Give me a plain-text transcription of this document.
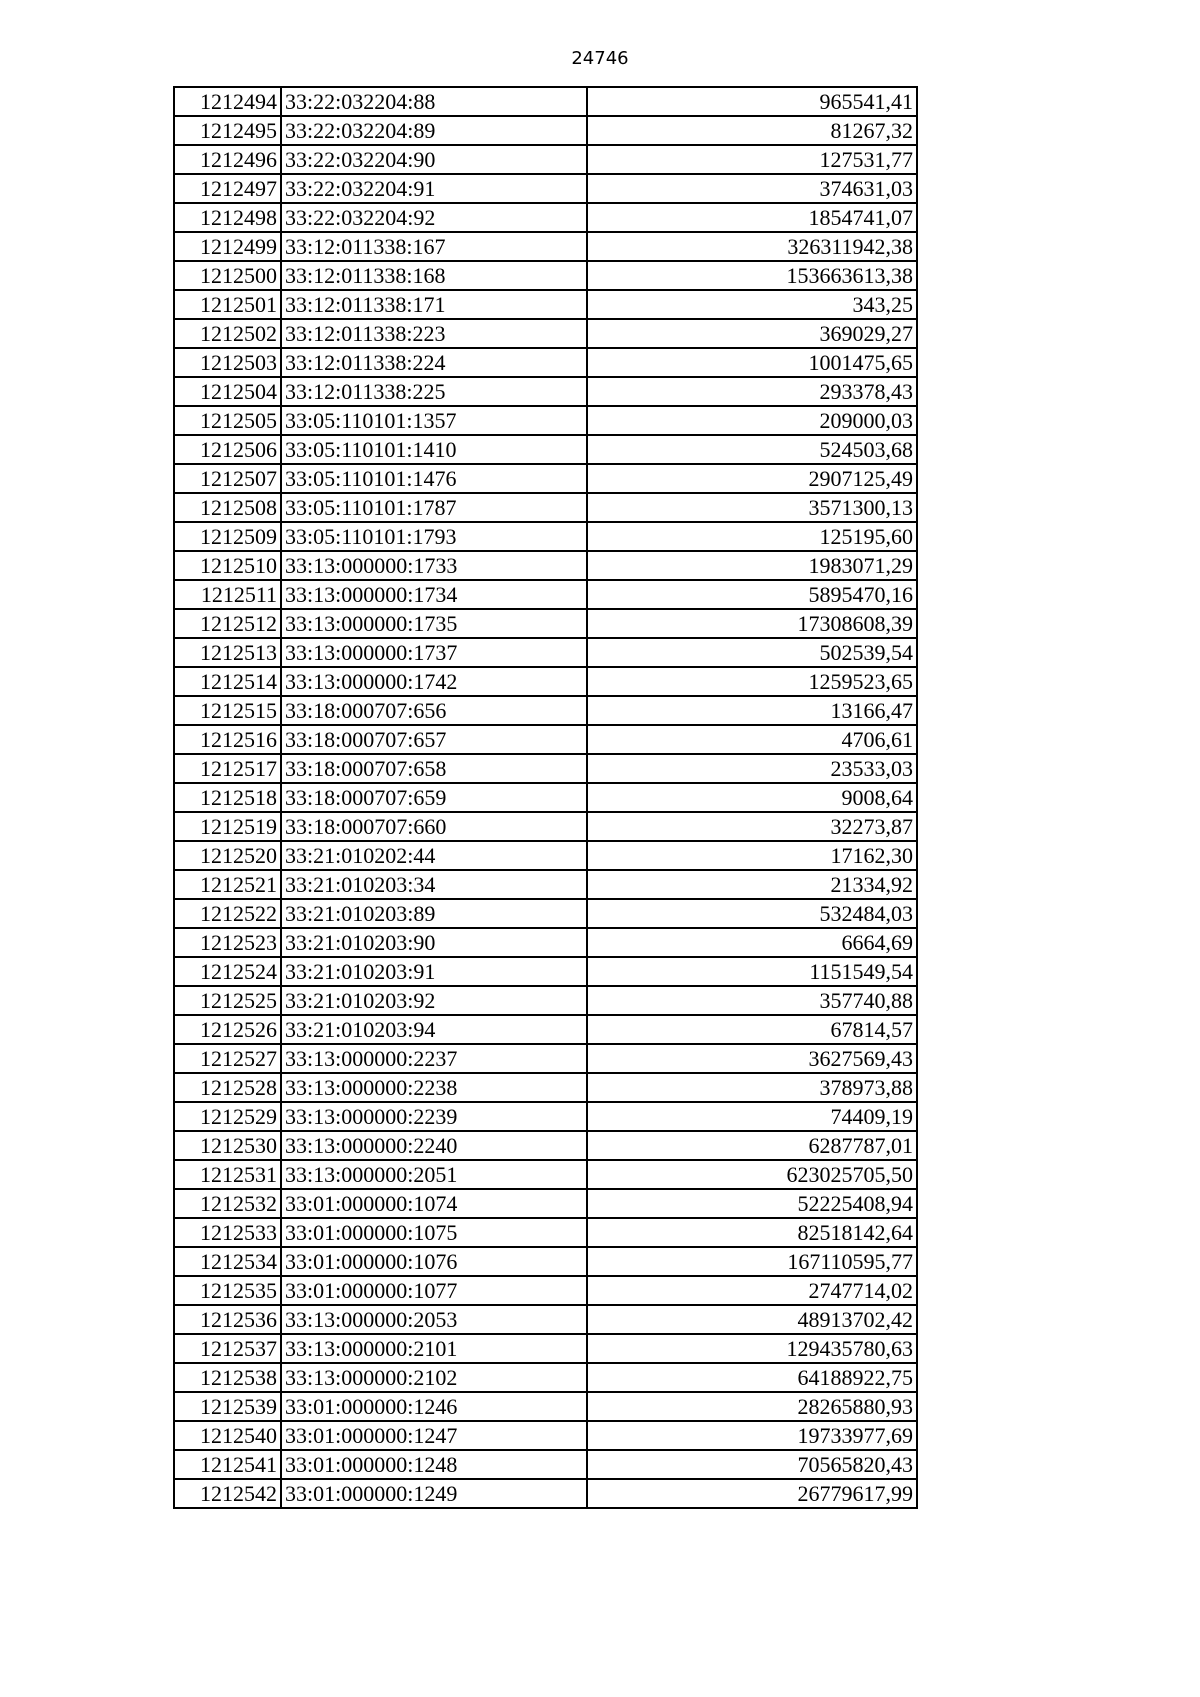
24746
1212494	33:22:032204:88	965541,41
1212495	33:22:032204:89	81267,32
1212496	33:22:032204:90	127531,77
1212497	33:22:032204:91	374631,03
1212498	33:22:032204:92	1854741,07
1212499	33:12:011338:167	326311942,38
1212500	33:12:011338:168	153663613,38
1212501	33:12:011338:171	343,25
1212502	33:12:011338:223	369029,27
1212503	33:12:011338:224	1001475,65
1212504	33:12:011338:225	293378,43
1212505	33:05:110101:1357	209000,03
1212506	33:05:110101:1410	524503,68
1212507	33:05:110101:1476	2907125,49
1212508	33:05:110101:1787	3571300,13
1212509	33:05:110101:1793	125195,60
1212510	33:13:000000:1733	1983071,29
1212511	33:13:000000:1734	5895470,16
1212512	33:13:000000:1735	17308608,39
1212513	33:13:000000:1737	502539,54
1212514	33:13:000000:1742	1259523,65
1212515	33:18:000707:656	13166,47
1212516	33:18:000707:657	4706,61
1212517	33:18:000707:658	23533,03
1212518	33:18:000707:659	9008,64
1212519	33:18:000707:660	32273,87
1212520	33:21:010202:44	17162,30
1212521	33:21:010203:34	21334,92
1212522	33:21:010203:89	532484,03
1212523	33:21:010203:90	6664,69
1212524	33:21:010203:91	1151549,54
1212525	33:21:010203:92	357740,88
1212526	33:21:010203:94	67814,57
1212527	33:13:000000:2237	3627569,43
1212528	33:13:000000:2238	378973,88
1212529	33:13:000000:2239	74409,19
1212530	33:13:000000:2240	6287787,01
1212531	33:13:000000:2051	623025705,50
1212532	33:01:000000:1074	52225408,94
1212533	33:01:000000:1075	82518142,64
1212534	33:01:000000:1076	167110595,77
1212535	33:01:000000:1077	2747714,02
1212536	33:13:000000:2053	48913702,42
1212537	33:13:000000:2101	129435780,63
1212538	33:13:000000:2102	64188922,75
1212539	33:01:000000:1246	28265880,93
1212540	33:01:000000:1247	19733977,69
1212541	33:01:000000:1248	70565820,43
1212542	33:01:000000:1249	26779617,99
